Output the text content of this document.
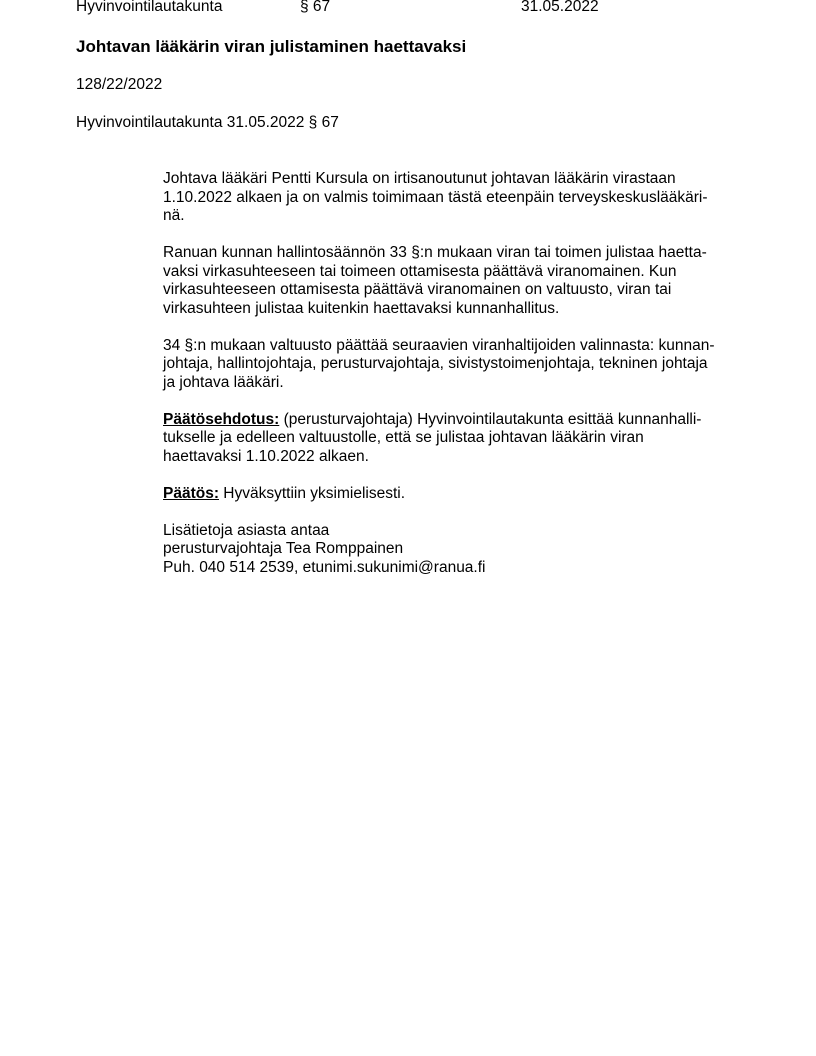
Hyvinvointilautakunta	§ 67	31.05.2022
Johtavan lääkärin viran julistaminen haettavaksi
128/22/2022
Hyvinvointilautakunta 31.05.2022 § 67
Johtava lääkäri Pentti Kursula on irtisanoutunut johtavan lääkärin virastaan
1.10.2022 alkaen ja on valmis toimimaan tästä eteenpäin terveyskeskuslääkäri-
nä.
Ranuan kunnan hallintosäännön 33 §:n mukaan viran tai toimen julistaa haetta-
vaksi virkasuhteeseen tai toimeen ottamisesta päättävä viranomainen. Kun
virkasuhteeseen ottamisesta päättävä viranomainen on valtuusto, viran tai
virkasuhteen julistaa kuitenkin haettavaksi kunnanhallitus.
34 §:n mukaan valtuusto päättää seuraavien viranhaltijoiden valinnasta: kunnan-
johtaja, hallintojohtaja, perusturvajohtaja, sivistystoimenjohtaja, tekninen johtaja
ja johtava lääkäri.
Päätösehdotus: (perusturvajohtaja) Hyvinvointilautakunta esittää kunnanhalli-
tukselle ja edelleen valtuustolle, että se julistaa johtavan lääkärin viran
haettavaksi 1.10.2022 alkaen.
Päätös: Hyväksyttiin yksimielisesti.
Lisätietoja asiasta antaa
perusturvajohtaja Tea Romppainen
Puh. 040 514 2539, etunimi.sukunimi@ranua.fi
